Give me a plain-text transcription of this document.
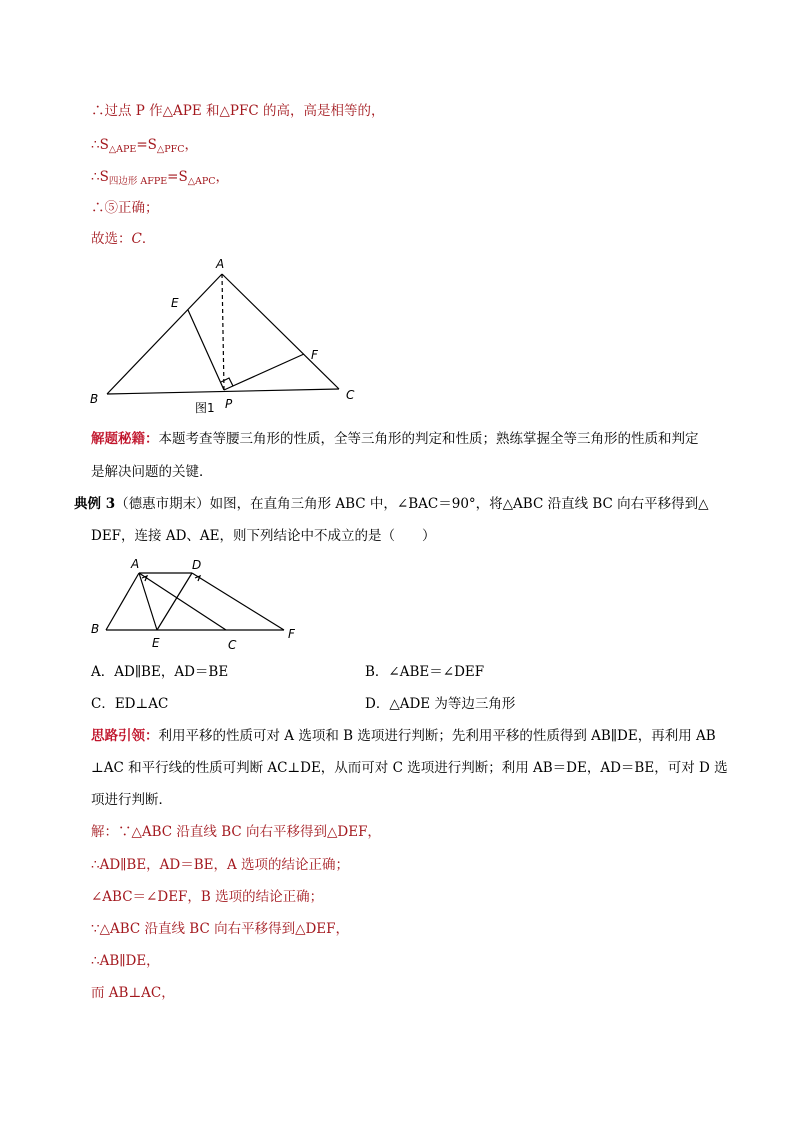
∴过点 P 作△APE 和△PFC 的高，高是相等的，
$\therefore S_{\triangle APE}=S_{\triangle PFC}$，
$\therefore S_{四边形 AFPE}=S_{\triangle APC}$，
∴⑤正确；
故选：C．
A
E
F
B	P
C
图1
解题秘籍：本题考查等腰三角形的性质，全等三角形的判定和性质；熟练掌握全等三角形的性质和判定
是解决问题的关键．
典例 3（德惠市期末）如图，在直角三角形 ABC 中，∠BAC＝90°，将△ABC 沿直线 BC 向右平移得到△
DEF，连接 AD、AE，则下列结论中不成立的是（　　）
A	D
B
E	C
F
A．AD∥BE，AD＝BE	B．∠ABE＝∠DEF
C．ED⊥AC	D．△ADE 为等边三角形
思路引领：利用平移的性质可对 A 选项和 B 选项进行判断；先利用平移的性质得到 AB∥DE，再利用 AB
⊥AC 和平行线的性质可判断 AC⊥DE，从而可对 C 选项进行判断；利用 AB＝DE，AD＝BE，可对 D 选
项进行判断．
解：∵△ABC 沿直线 BC 向右平移得到△DEF，
∴AD∥BE，AD＝BE，A 选项的结论正确；
∠ABC＝∠DEF，B 选项的结论正确；
∵△ABC 沿直线 BC 向右平移得到△DEF，
∴AB∥DE，
而 AB⊥AC，
